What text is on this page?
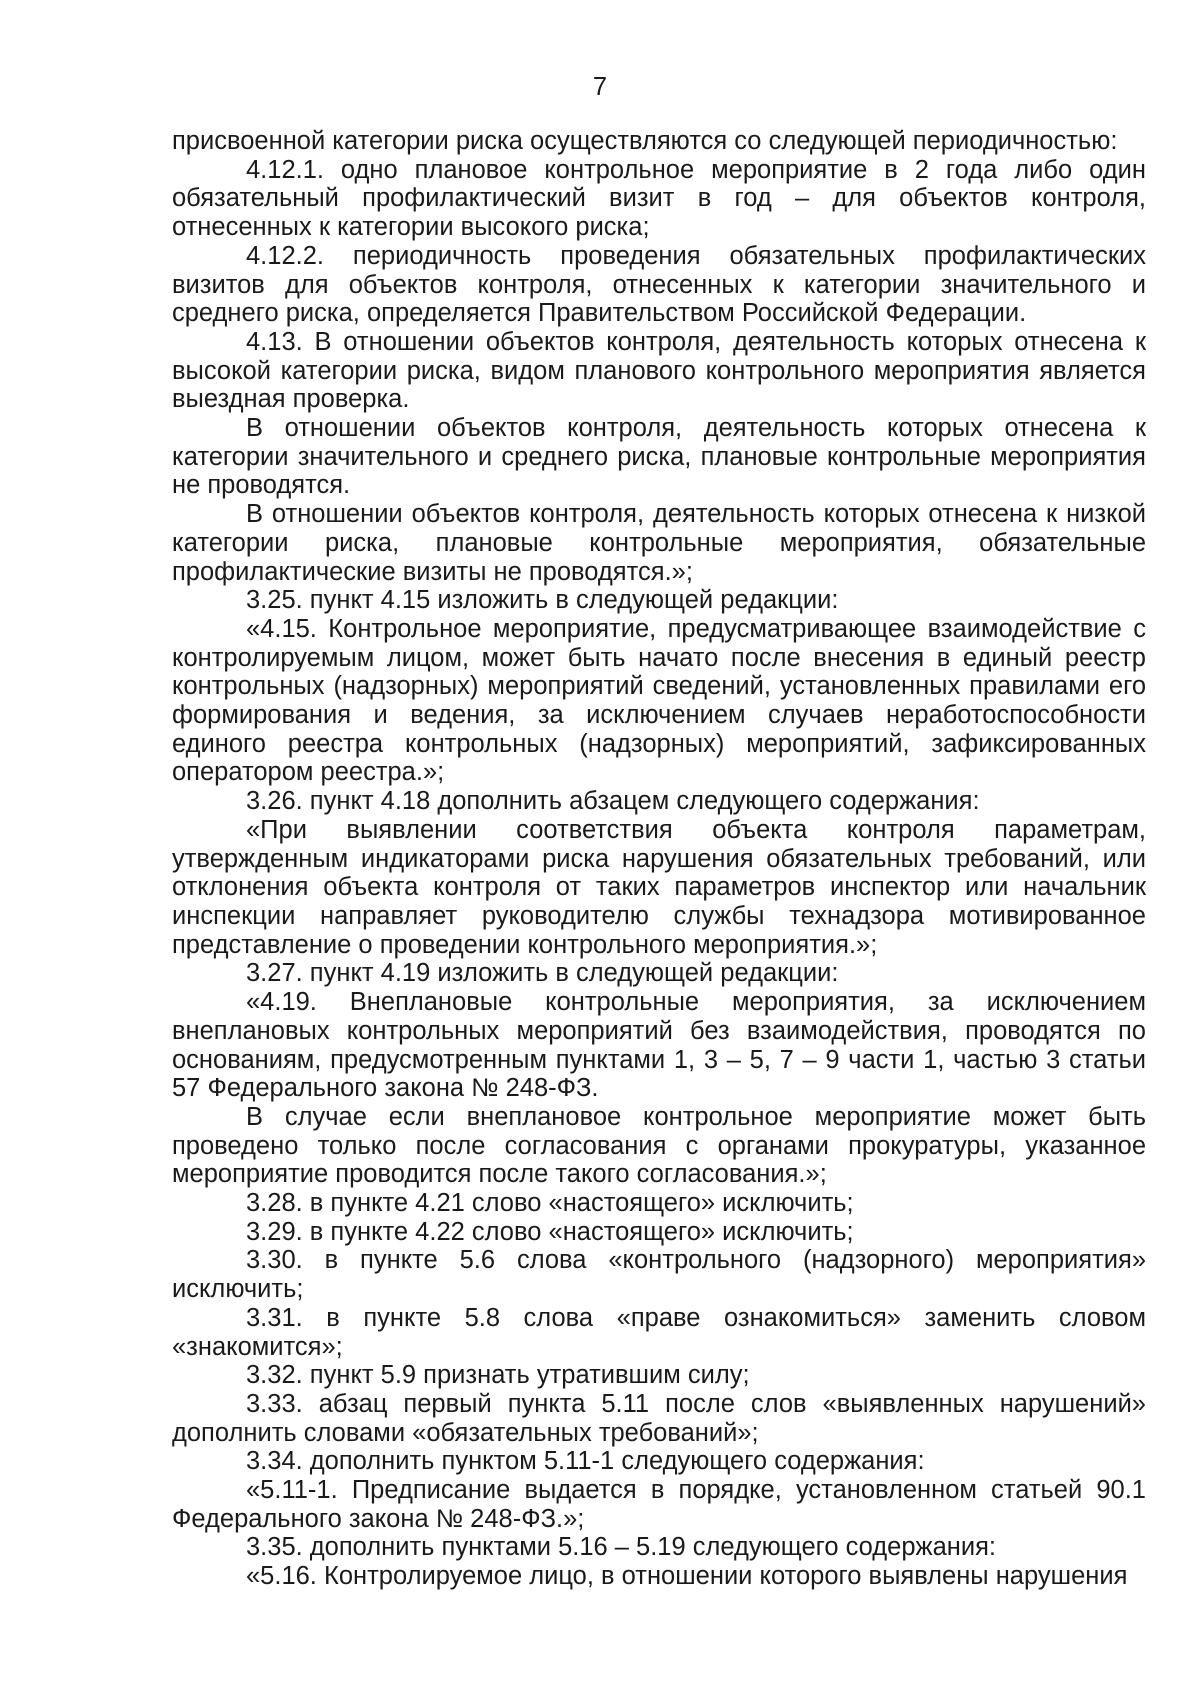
7

присвоенной категории риска осуществляются со следующей периодичностью:

4.12.1. одно плановое контрольное мероприятие в 2 года либо один обязательный профилактический визит в год – для объектов контроля, отнесенных к категории высокого риска;

4.12.2. периодичность проведения обязательных профилактических визитов для объектов контроля, отнесенных к категории значительного и среднего риска, определяется Правительством Российской Федерации.

4.13. В отношении объектов контроля, деятельность которых отнесена к высокой категории риска, видом планового контрольного мероприятия является выездная проверка.

В отношении объектов контроля, деятельность которых отнесена к категории значительного и среднего риска, плановые контрольные мероприятия не проводятся.

В отношении объектов контроля, деятельность которых отнесена к низкой категории риска, плановые контрольные мероприятия, обязательные профилактические визиты не проводятся.»;

3.25. пункт 4.15 изложить в следующей редакции:

«4.15. Контрольное мероприятие, предусматривающее взаимодействие с контролируемым лицом, может быть начато после внесения в единый реестр контрольных (надзорных) мероприятий сведений, установленных правилами его формирования и ведения, за исключением случаев неработоспособности единого реестра контрольных (надзорных) мероприятий, зафиксированных оператором реестра.»;

3.26. пункт 4.18 дополнить абзацем следующего содержания:

«При выявлении соответствия объекта контроля параметрам, утвержденным индикаторами риска нарушения обязательных требований, или отклонения объекта контроля от таких параметров инспектор или начальник инспекции направляет руководителю службы технадзора мотивированное представление о проведении контрольного мероприятия.»;

3.27. пункт 4.19 изложить в следующей редакции:

«4.19. Внеплановые контрольные мероприятия, за исключением внеплановых контрольных мероприятий без взаимодействия, проводятся по основаниям, предусмотренным пунктами 1, 3 – 5, 7 – 9 части 1, частью 3 статьи 57 Федерального закона № 248-ФЗ.

В случае если внеплановое контрольное мероприятие может быть проведено только после согласования с органами прокуратуры, указанное мероприятие проводится после такого согласования.»;

3.28. в пункте 4.21 слово «настоящего» исключить;

3.29. в пункте 4.22 слово «настоящего» исключить;

3.30. в пункте 5.6 слова «контрольного (надзорного) мероприятия» исключить;

3.31. в пункте 5.8 слова «праве ознакомиться» заменить словом «знакомится»;

3.32. пункт 5.9 признать утратившим силу;

3.33. абзац первый пункта 5.11 после слов «выявленных нарушений» дополнить словами «обязательных требований»;

3.34. дополнить пунктом 5.11-1 следующего содержания:

«5.11-1. Предписание выдается в порядке, установленном статьей 90.1 Федерального закона № 248-ФЗ.»;

3.35. дополнить пунктами 5.16 – 5.19 следующего содержания:

«5.16. Контролируемое лицо, в отношении которого выявлены нарушения
